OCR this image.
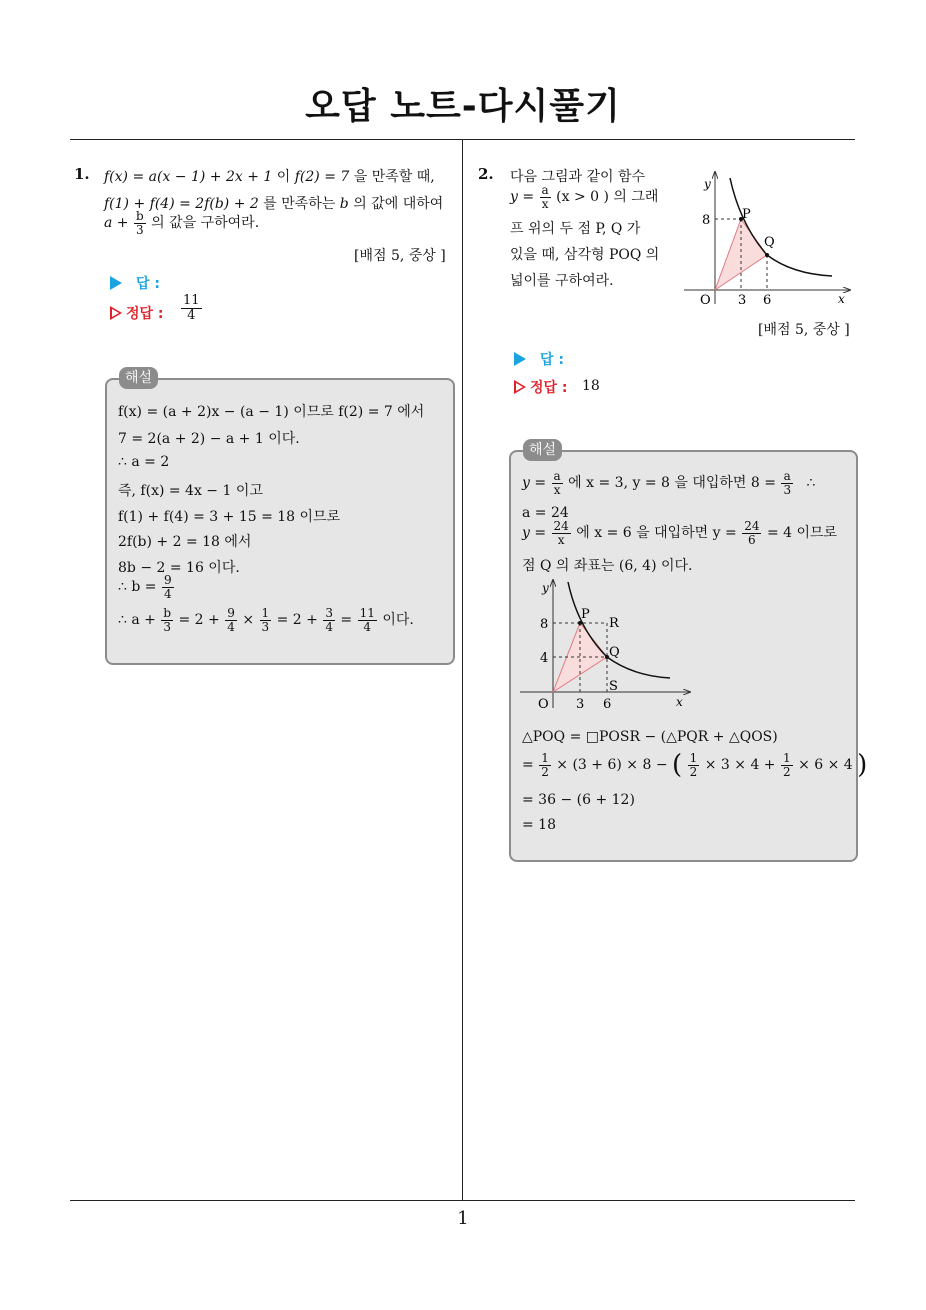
오답 노트-다시풀기
1
1. f(x) = a(x − 1) + 2x + 1 이 f(2) = 7 을 만족할 때,
f(1) + f(4) = 2f(b) + 2 를 만족하는 b 의 값에 대하여
$a + \frac{b}{3}$ 의 값을 구하여라.
[배점 5, 중상 ]
답 :
정답 : $\frac{11}{4}$
해설
f(x) = (a + 2)x − (a − 1) 이므로 f(2) = 7 에서
7 = 2(a + 2) − a + 1 이다.
∴ a = 2
즉, f(x) = 4x − 1 이고
f(1) + f(4) = 3 + 15 = 18 이므로
2f(b) + 2 = 18 에서
8b − 2 = 16 이다.
∴ $b = \frac{9}{4}$
∴ $a + \frac{b}{3} = 2 + \frac{9}{4} \times \frac{1}{3} = 2 + \frac{3}{4} = \frac{11}{4}$ 이다.
2. 다음 그림과 같이 함수
$y = \frac{a}{x} (x > 0$ ) 의 그래
프 위의 두 점 P, Q 가
있을 때, 삼각형 POQ 의
넓이를 구하여라.
y
x
O
8
3 6
P
Q
[배점 5, 중상 ]
답 :
정답 : 18
해설
$y = \frac{a}{x}$ 에 x = 3, y = 8 을 대입하면 $8 = \frac{a}{3}$ ∴
a = 24
$y = \frac{24}{x}$ 에 x = 6 을 대입하면 $y = \frac{24}{6} = 4$ 이므로
점 Q 의 좌표는 (6, 4) 이다.
y
x
O
8
4
3 6
P
Q
R
S
△POQ = □POSR − (△PQR + △QOS)
= $\frac{1}{2} \times (3 + 6) \times 8$ − ( $\frac{1}{2} \times 3 \times 4 + \frac{1}{2} \times 6 \times 4$ )
= 36 − (6 + 12)
= 18
